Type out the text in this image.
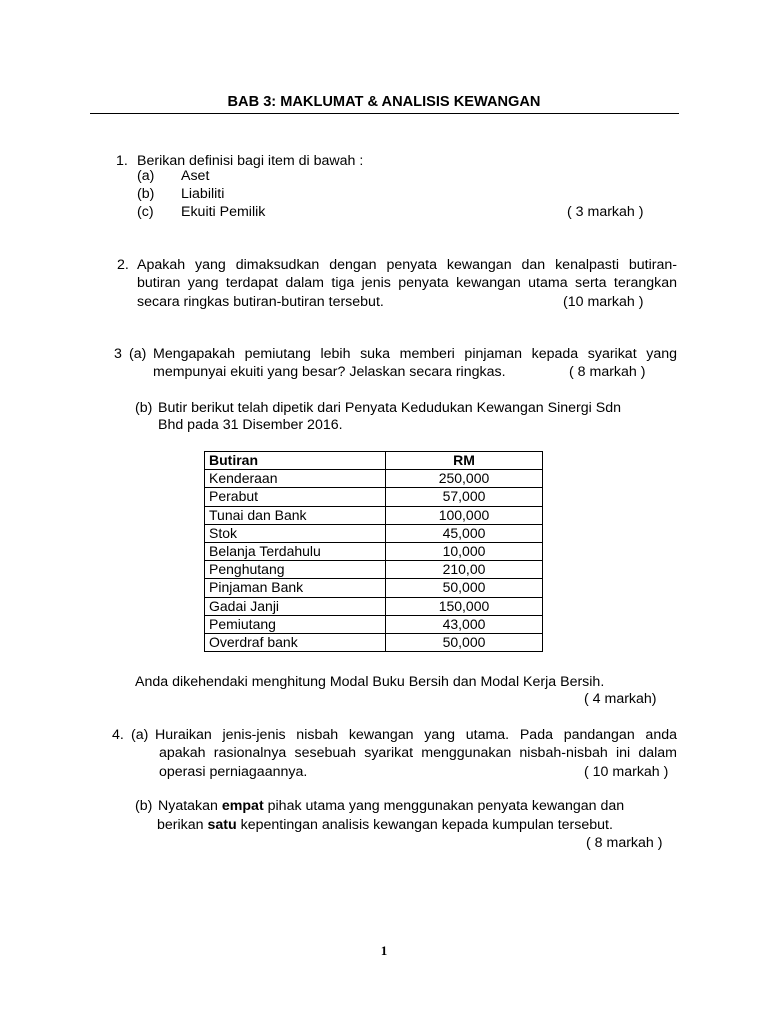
BAB 3: MAKLUMAT & ANALISIS KEWANGAN
1. Berikan definisi bagi item di bawah :
(a) Aset
(b) Liabiliti
(c) Ekuiti Pemilik	( 3 markah )
2. Apakah yang dimaksudkan dengan penyata kewangan dan kenalpasti butiran-
butiran yang terdapat dalam tiga jenis penyata kewangan utama serta terangkan
secara ringkas butiran-butiran tersebut.	(10 markah )
3 (a) Mengapakah pemiutang lebih suka memberi pinjaman kepada syarikat yang
mempunyai ekuiti yang besar? Jelaskan secara ringkas.	( 8 markah )
(b) Butir berikut telah dipetik dari Penyata Kedudukan Kewangan Sinergi Sdn
Bhd pada 31 Disember 2016.
Butiran	RM
Kenderaan	250,000
Perabut	57,000
Tunai dan Bank	100,000
Stok	45,000
Belanja Terdahulu	10,000
Penghutang	210,00
Pinjaman Bank	50,000
Gadai Janji	150,000
Pemiutang	43,000
Overdraf bank	50,000
Anda dikehendaki menghitung Modal Buku Bersih dan Modal Kerja Bersih.
( 4 markah)
4. (a) Huraikan jenis-jenis nisbah kewangan yang utama. Pada pandangan anda
apakah rasionalnya sesebuah syarikat menggunakan nisbah-nisbah ini dalam
operasi perniagaannya.	( 10 markah )
(b) Nyatakan empat pihak utama yang menggunakan penyata kewangan dan
berikan satu kepentingan analisis kewangan kepada kumpulan tersebut.
( 8 markah )
1
